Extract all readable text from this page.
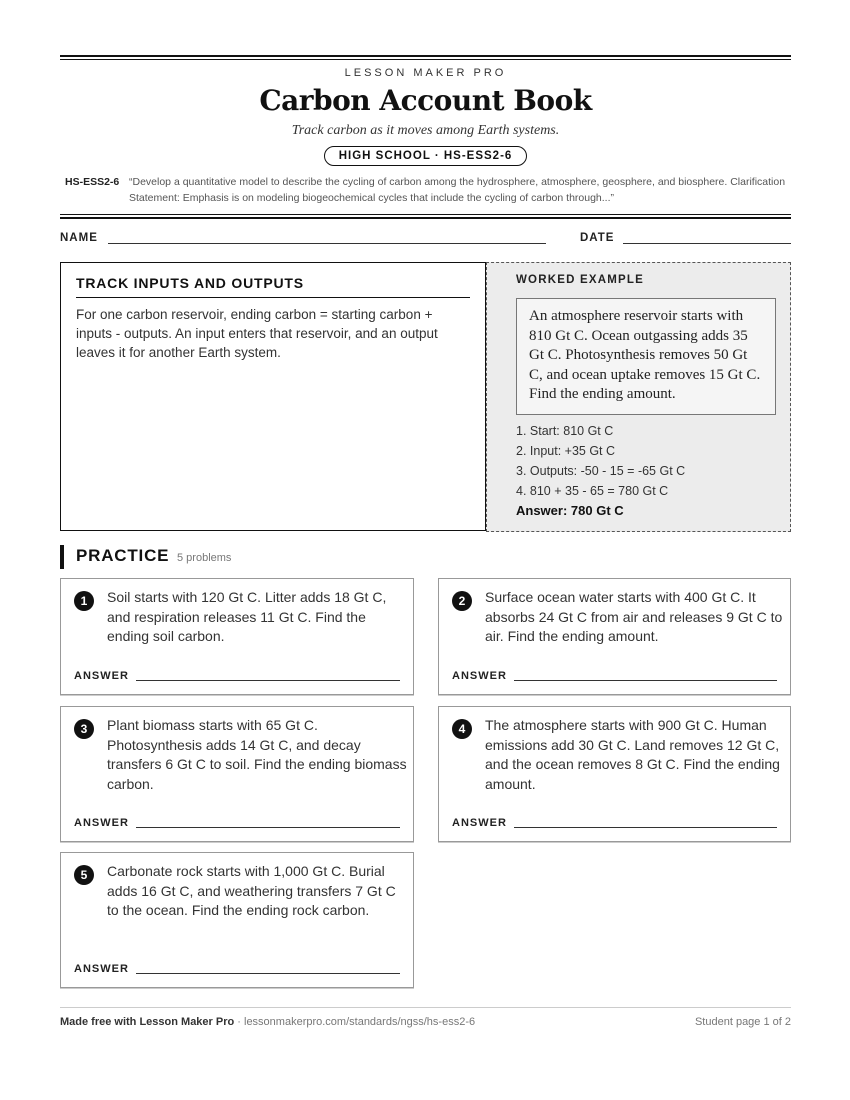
LESSON MAKER PRO
Carbon Account Book
Track carbon as it moves among Earth systems.
HIGH SCHOOL · HS-ESS2-6
HS-ESS2-6 “Develop a quantitative model to describe the cycling of carbon among the hydrosphere, atmosphere, geosphere, and biosphere. Clarification Statement: Emphasis is on modeling biogeochemical cycles that include the cycling of carbon through...”
NAME	DATE
TRACK INPUTS AND OUTPUTS
For one carbon reservoir, ending carbon = starting carbon + inputs - outputs. An input enters that reservoir, and an output leaves it for another Earth system.
WORKED EXAMPLE
An atmosphere reservoir starts with 810 Gt C. Ocean outgassing adds 35 Gt C. Photosynthesis removes 50 Gt C, and ocean uptake removes 15 Gt C. Find the ending amount.
1. Start: 810 Gt C
2. Input: +35 Gt C
3. Outputs: -50 - 15 = -65 Gt C
4. 810 + 35 - 65 = 780 Gt C
Answer: 780 Gt C
PRACTICE 5 problems
1	Soil starts with 120 Gt C. Litter adds 18 Gt C, and respiration releases 11 Gt C. Find the ending soil carbon.
ANSWER
2	Surface ocean water starts with 400 Gt C. It absorbs 24 Gt C from air and releases 9 Gt C to air. Find the ending amount.
ANSWER
3	Plant biomass starts with 65 Gt C. Photosynthesis adds 14 Gt C, and decay transfers 6 Gt C to soil. Find the ending biomass carbon.
ANSWER
4	The atmosphere starts with 900 Gt C. Human emissions add 30 Gt C. Land removes 12 Gt C, and the ocean removes 8 Gt C. Find the ending amount.
ANSWER
5	Carbonate rock starts with 1,000 Gt C. Burial adds 16 Gt C, and weathering transfers 7 Gt C to the ocean. Find the ending rock carbon.
ANSWER
Made free with Lesson Maker Pro · lessonmakerpro.com/standards/ngss/hs-ess2-6	Student page 1 of 2
